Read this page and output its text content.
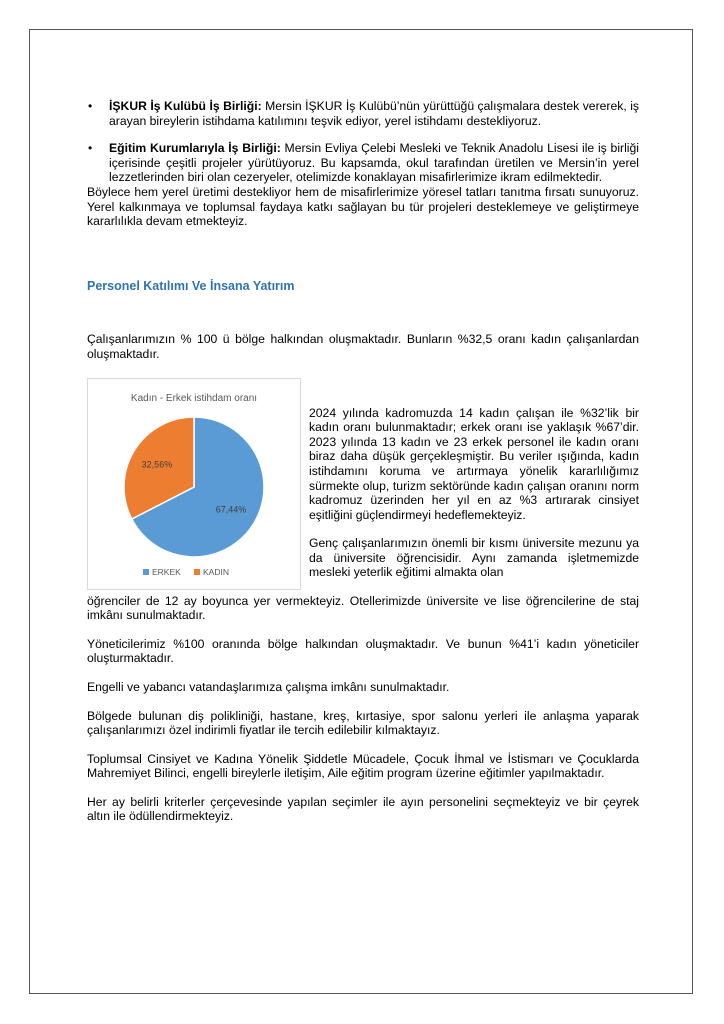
• İŞKUR İş Kulübü İş Birliği: Mersin İŞKUR İş Kulübü’nün yürüttüğü çalışmalara destek vererek, iş arayan bireylerin istihdama katılımını teşvik ediyor, yerel istihdamı destekliyoruz.
• Eğitim Kurumlarıyla İş Birliği: Mersin Evliya Çelebi Mesleki ve Teknik Anadolu Lisesi ile iş birliği içerisinde çeşitli projeler yürütüyoruz. Bu kapsamda, okul tarafından üretilen ve Mersin’in yerel lezzetlerinden biri olan cezeryeler, otelimizde konaklayan misafirlerimize ikram edilmektedir.

Böylece hem yerel üretimi destekliyor hem de misafirlerimize yöresel tatları tanıtma fırsatı sunuyoruz. Yerel kalkınmaya ve toplumsal faydaya katkı sağlayan bu tür projeleri desteklemeye ve geliştirmeye kararlılıkla devam etmekteyiz.

Personel Katılımı Ve İnsana Yatırım

Çalışanlarımızın % 100 ü bölge halkından oluşmaktadır. Bunların %32,5 oranı kadın çalışanlardan oluşmaktadır.

Kadın - Erkek istihdam oranı
67,44%
32,56%
ERKEK	KADIN

2024 yılında kadromuzda 14 kadın çalışan ile %32’lik bir kadın oranı bulunmaktadır; erkek oranı ise yaklaşık %67’dir. 2023 yılında 13 kadın ve 23 erkek personel ile kadın oranı biraz daha düşük gerçekleşmiştir. Bu veriler ışığında, kadın istihdamını koruma ve artırmaya yönelik kararlılığımız sürmekte olup, turizm sektöründe kadın çalışan oranını norm kadromuz üzerinden her yıl en az %3 artırarak cinsiyet eşitliğini güçlendirmeyi hedeflemekteyiz.

Genç çalışanlarımızın önemli bir kısmı üniversite mezunu ya da üniversite öğrencisidir. Aynı zamanda işletmemizde mesleki yeterlik eğitimi almakta olan

öğrenciler de 12 ay boyunca yer vermekteyiz. Otellerimizde üniversite ve lise öğrencilerine de staj imkânı sunulmaktadır.

Yöneticilerimiz %100 oranında bölge halkından oluşmaktadır. Ve bunun %41’i kadın yöneticiler oluşturmaktadır.

Engelli ve yabancı vatandaşlarımıza çalışma imkânı sunulmaktadır.

Bölgede bulunan diş polikliniği, hastane, kreş, kırtasiye, spor salonu yerleri ile anlaşma yaparak çalışanlarımızı özel indirimli fiyatlar ile tercih edilebilir kılmaktayız.

Toplumsal Cinsiyet ve Kadına Yönelik Şiddetle Mücadele, Çocuk İhmal ve İstismarı ve Çocuklarda Mahremiyet Bilinci, engelli bireylerle iletişim, Aile eğitim program üzerine eğitimler yapılmaktadır.

Her ay belirli kriterler çerçevesinde yapılan seçimler ile ayın personelini seçmekteyiz ve bir çeyrek altın ile ödüllendirmekteyiz.
